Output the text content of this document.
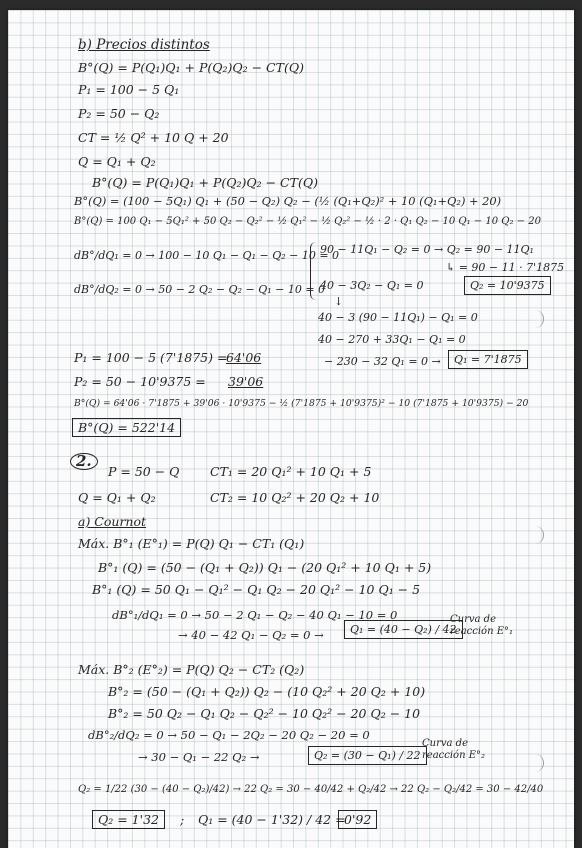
b) Precios distintos
B°(Q) = P(Q₁)Q₁ + P(Q₂)Q₂ − CT(Q)
P₁ = 100 − 5 Q₁
P₂ = 50 − Q₂
CT = ½ Q² + 10 Q + 20
Q = Q₁ + Q₂
B°(Q) = P(Q₁)Q₁ + P(Q₂)Q₂ − CT(Q)
B°(Q) = (100 − 5Q₁) Q₁ + (50 − Q₂) Q₂ − (½ (Q₁+Q₂)² + 10 (Q₁+Q₂) + 20)
B°(Q) = 100 Q₁ − 5Q₁² + 50 Q₂ − Q₂² − ½ Q₁² − ½ Q₂² − ½ · 2 · Q₁ Q₂ − 10 Q₁ − 10 Q₂ − 20
dB°/dQ₁ = 0 → 100 − 10 Q₁ − Q₁ − Q₂ − 10 = 0
dB°/dQ₂ = 0 → 50 − 2 Q₂ − Q₂ − Q₁ − 10 = 0
90 − 11Q₁ − Q₂ = 0 → Q₂ = 90 − 11Q₁
↳ = 90 − 11 · 7'1875
Q₂ = 10'9375
40 − 3Q₂ − Q₁ = 0
↓
40 − 3 (90 − 11Q₁) − Q₁ = 0
40 − 270 + 33Q₁ − Q₁ = 0
− 230 − 32 Q₁ = 0 →	Q₁ = 7'1875
P₁ = 100 − 5 (7'1875) =
64'06
P₂ = 50 − 10'9375 = 39'06
B°(Q) = 64'06 · 7'1875 + 39'06 · 10'9375 − ½ (7'1875 + 10'9375)² − 10 (7'1875 + 10'9375) − 20
B°(Q) = 522'14
2.
P = 50 − Q CT₁ = 20 Q₁² + 10 Q₁ + 5
Q = Q₁ + Q₂	CT₂ = 10 Q₂² + 20 Q₂ + 10
a) Cournot
Máx. B°₁ (E°₁) = P(Q) Q₁ − CT₁ (Q₁)
B°₁ (Q) = (50 − (Q₁ + Q₂)) Q₁ − (20 Q₁² + 10 Q₁ + 5)
B°₁ (Q) = 50 Q₁ − Q₁² − Q₁ Q₂ − 20 Q₁² − 10 Q₁ − 5
dB°₁/dQ₁ = 0 → 50 − 2 Q₁ − Q₂ − 40 Q₁ − 10 = 0
→ 40 − 42 Q₁ − Q₂ = 0 →	Q₁ = (40 − Q₂) / 42
Curva de reacción E°₁
Máx. B°₂ (E°₂) = P(Q) Q₂ − CT₂ (Q₂)
B°₂ = (50 − (Q₁ + Q₂)) Q₂ − (10 Q₂² + 20 Q₂ + 10)
B°₂ = 50 Q₂ − Q₁ Q₂ − Q₂² − 10 Q₂² − 20 Q₂ − 10
dB°₂/dQ₂ = 0 → 50 − Q₁ − 2Q₂ − 20 Q₂ − 20 = 0
→ 30 − Q₁ − 22 Q₂ →	Q₂ = (30 − Q₁) / 22
Curva de reacción E°₂
Q₂ = 1/22 (30 − (40 − Q₂)/42) → 22 Q₂ = 30 − 40/42 + Q₂/42 → 22 Q₂ − Q₂/42 = 30 − 42/40
Q₂ = 1'32	; Q₁ = (40 − 1'32) / 42 =
0'92
